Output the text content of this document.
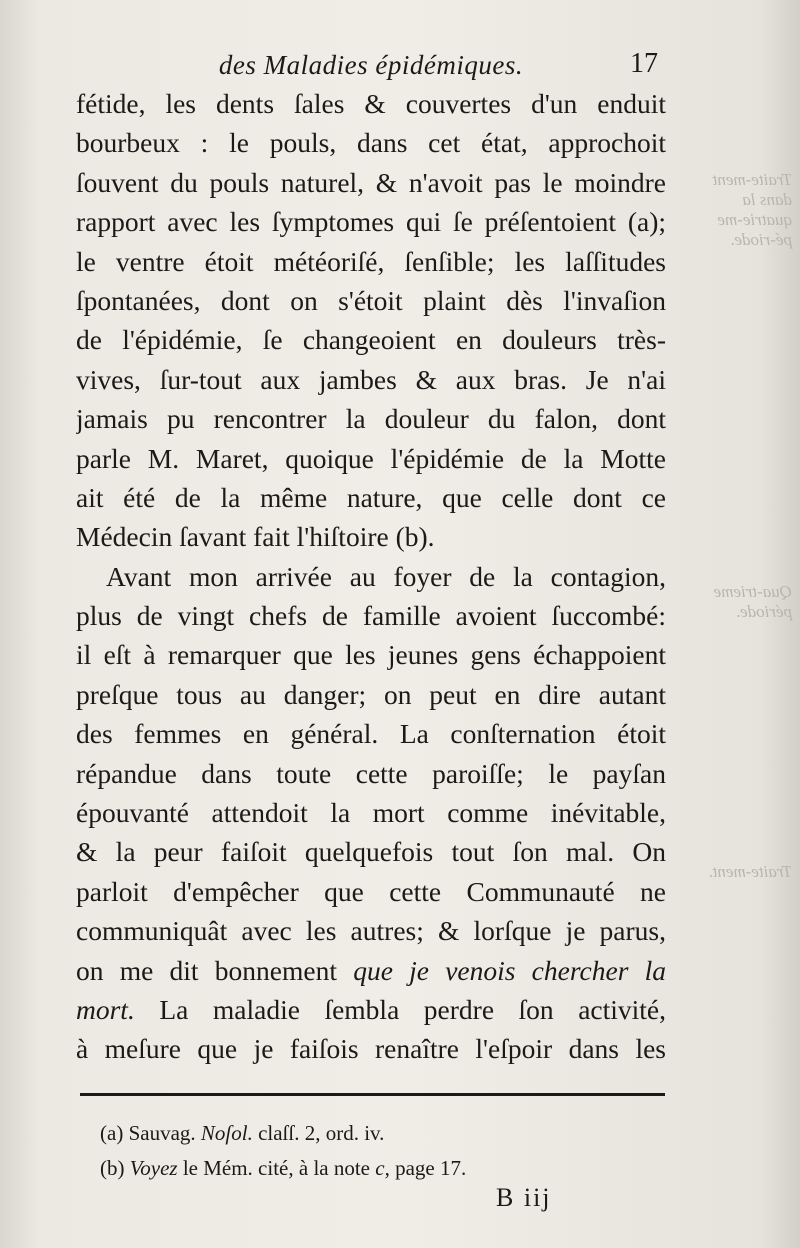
Traite-ment dans la quatrie-me pé-riode.
Qua-trieme période.
Traite-ment.
des Maladies épidémiques.	17
fétide, les dents ſales & couvertes d'un enduit
bourbeux : le pouls, dans cet état, approchoit
ſouvent du pouls naturel, & n'avoit pas le moindre
rapport avec les ſymptomes qui ſe préſentoient (a);
le ventre étoit météoriſé, ſenſible; les laſſitudes
ſpontanées, dont on s'étoit plaint dès l'invaſion
de l'épidémie, ſe changeoient en douleurs très-
vives, ſur-tout aux jambes & aux bras. Je n'ai
jamais pu rencontrer la douleur du falon, dont
parle M. Maret, quoique l'épidémie de la Motte
ait été de la même nature, que celle dont ce
Médecin ſavant fait l'hiſtoire (b).
Avant mon arrivée au foyer de la contagion,
plus de vingt chefs de famille avoient ſuccombé:
il eſt à remarquer que les jeunes gens échappoient
preſque tous au danger; on peut en dire autant
des femmes en général. La conſternation étoit
répandue dans toute cette paroiſſe; le payſan
épouvanté attendoit la mort comme inévitable,
& la peur faiſoit quelquefois tout ſon mal. On
parloit d'empêcher que cette Communauté ne
communiquât avec les autres; & lorſque je parus,
on me dit bonnement que je venois chercher la
mort. La maladie ſembla perdre ſon activité,
à meſure que je faiſois renaître l'eſpoir dans les
(a) Sauvag. Noſol. claſſ. 2, ord. iv.
(b) Voyez le Mém. cité, à la note c, page 17.
B iij
